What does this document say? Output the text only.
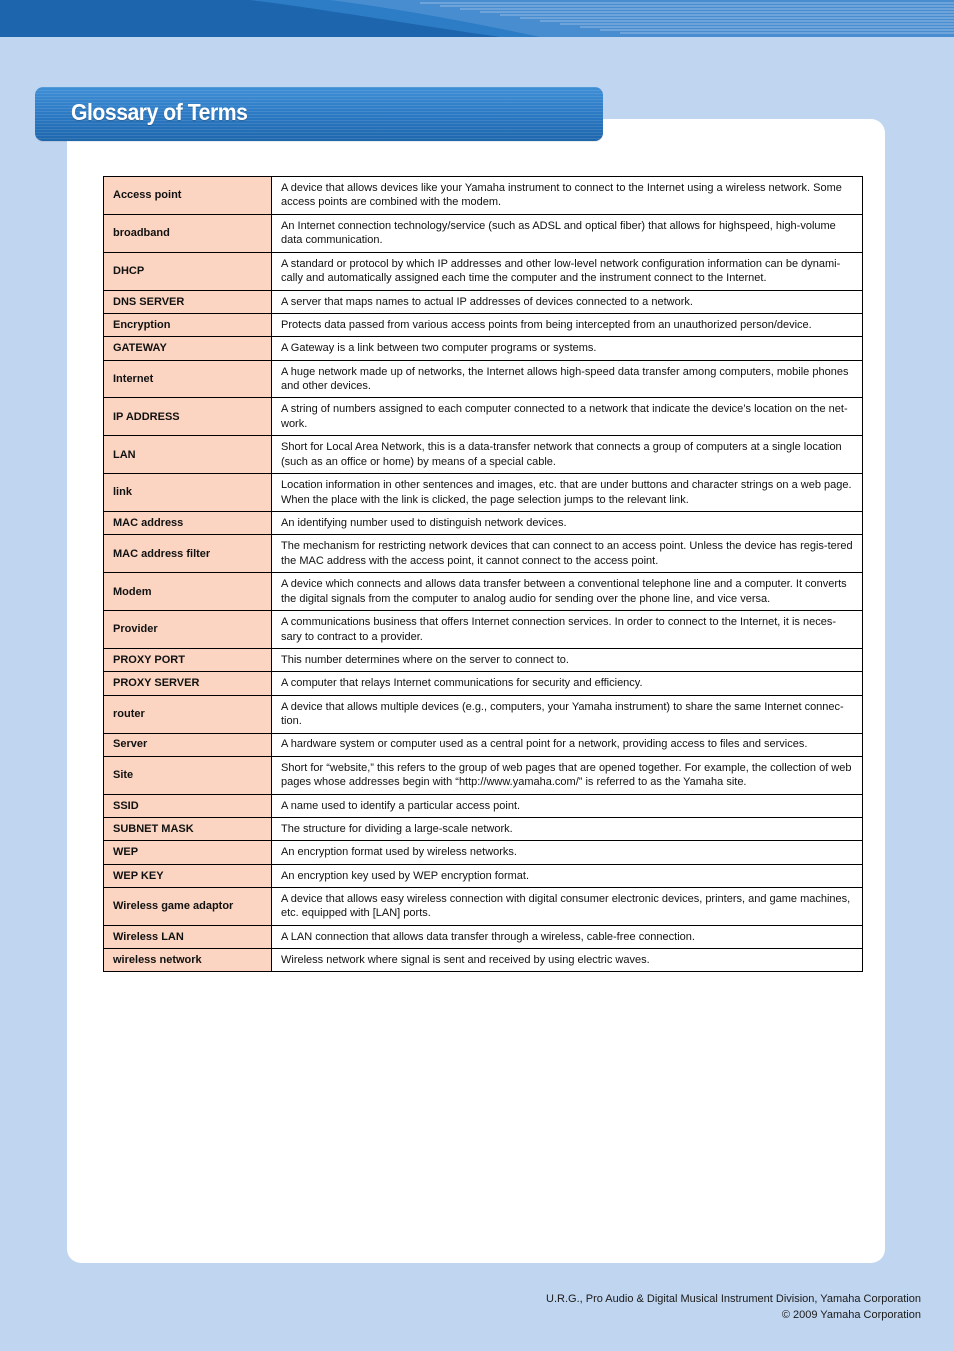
Glossary of Terms
Access point	A device that allows devices like your Yamaha instrument to connect to the Internet using a wireless network. Some access points are combined with the modem.
broadband	An Internet connection technology/service (such as ADSL and optical fiber) that allows for highspeed, high-volume data communication.
DHCP	A standard or protocol by which IP addresses and other low-level network configuration information can be dynami-cally and automatically assigned each time the computer and the instrument connect to the Internet.
DNS SERVER	A server that maps names to actual IP addresses of devices connected to a network.
Encryption	Protects data passed from various access points from being intercepted from an unauthorized person/device.
GATEWAY	A Gateway is a link between two computer programs or systems.
Internet	A huge network made up of networks, the Internet allows high-speed data transfer among computers, mobile phones and other devices.
IP ADDRESS	A string of numbers assigned to each computer connected to a network that indicate the device’s location on the net-work.
LAN	Short for Local Area Network, this is a data-transfer network that connects a group of computers at a single location (such as an office or home) by means of a special cable.
link	Location information in other sentences and images, etc. that are under buttons and character strings on a web page. When the place with the link is clicked, the page selection jumps to the relevant link.
MAC address	An identifying number used to distinguish network devices.
MAC address filter	The mechanism for restricting network devices that can connect to an access point. Unless the device has regis-tered the MAC address with the access point, it cannot connect to the access point.
Modem	A device which connects and allows data transfer between a conventional telephone line and a computer. It converts the digital signals from the computer to analog audio for sending over the phone line, and vice versa.
Provider	A communications business that offers Internet connection services. In order to connect to the Internet, it is neces-sary to contract to a provider.
PROXY PORT	This number determines where on the server to connect to.
PROXY SERVER	A computer that relays Internet communications for security and efficiency.
router	A device that allows multiple devices (e.g., computers, your Yamaha instrument) to share the same Internet connec-tion.
Server	A hardware system or computer used as a central point for a network, providing access to files and services.
Site	Short for “website,” this refers to the group of web pages that are opened together. For example, the collection of web pages whose addresses begin with “http://www.yamaha.com/” is referred to as the Yamaha site.
SSID	A name used to identify a particular access point.
SUBNET MASK	The structure for dividing a large-scale network.
WEP	An encryption format used by wireless networks.
WEP KEY	An encryption key used by WEP encryption format.
Wireless game adaptor	A device that allows easy wireless connection with digital consumer electronic devices, printers, and game machines, etc. equipped with [LAN] ports.
Wireless LAN	A LAN connection that allows data transfer through a wireless, cable-free connection.
wireless network	Wireless network where signal is sent and received by using electric waves.
U.R.G., Pro Audio & Digital Musical Instrument Division, Yamaha Corporation
© 2009 Yamaha Corporation
